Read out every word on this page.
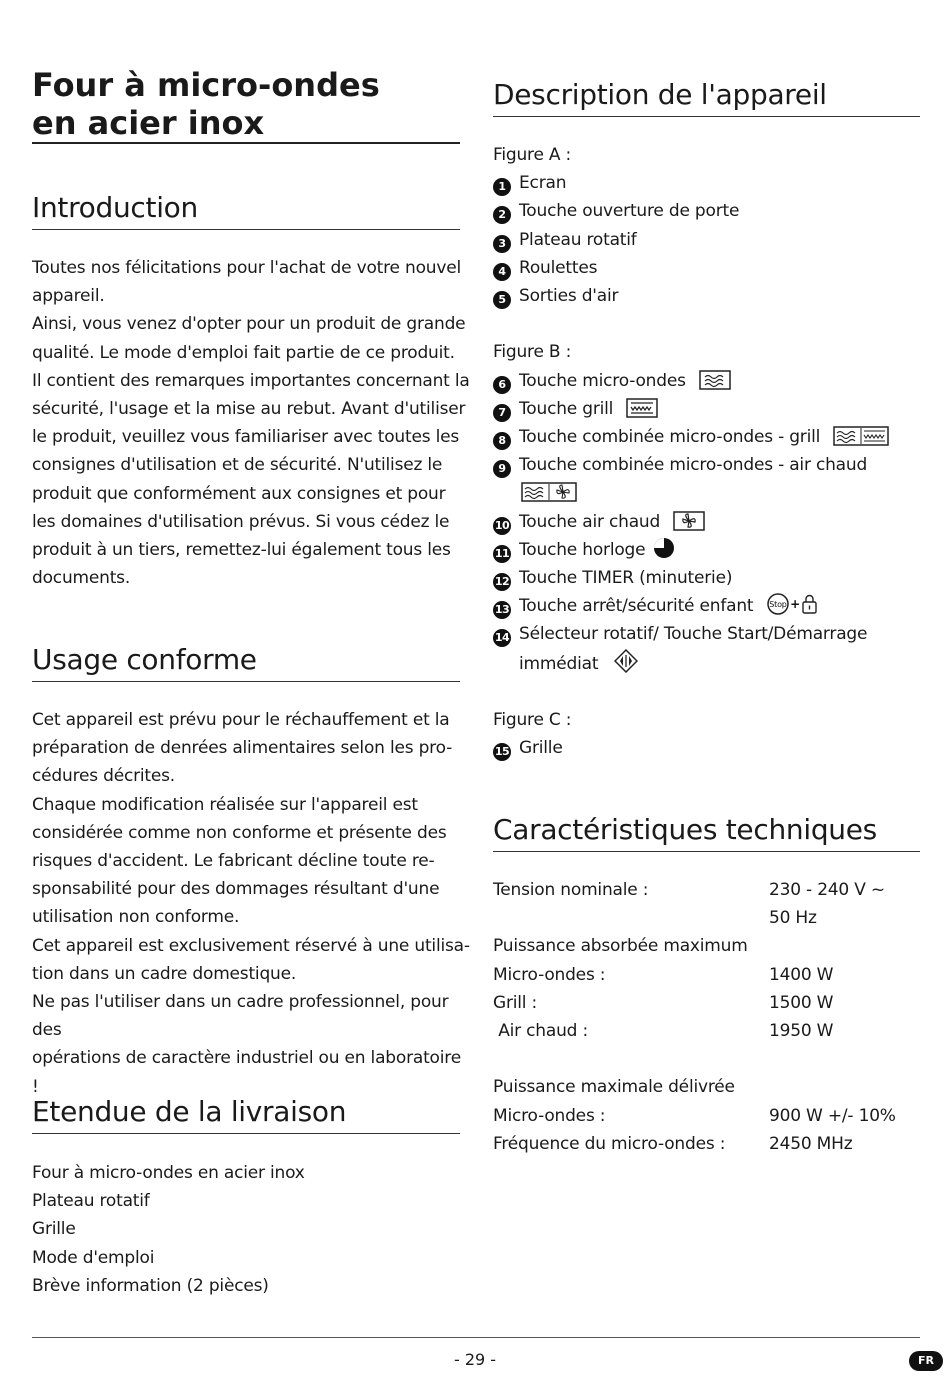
Four à micro-ondes
en acier inox
Introduction

Toutes nos félicitations pour l'achat de votre nouvel

appareil.

Ainsi, vous venez d'opter pour un produit de grande

qualité. Le mode d'emploi fait partie de ce produit.

Il contient des remarques importantes concernant la

sécurité, l'usage et la mise au rebut. Avant d'utiliser

le produit, veuillez vous familiariser avec toutes les

consignes d'utilisation et de sécurité. N'utilisez le

produit que conformément aux consignes et pour

les domaines d'utilisation prévus. Si vous cédez le

produit à un tiers, remettez-lui également tous les

documents.

Usage conforme

Cet appareil est prévu pour le réchauffement et la

préparation de denrées alimentaires selon les pro-

cédures décrites.

Chaque modification réalisée sur l'appareil est

considérée comme non conforme et présente des

risques d'accident. Le fabricant décline toute re-

sponsabilité pour des dommages résultant d'une

utilisation non conforme.

Cet appareil est exclusivement réservé à une utilisa-

tion dans un cadre domestique.

Ne pas l'utiliser dans un cadre professionnel, pour des

opérations de caractère industriel ou en laboratoire !

Etendue de la livraison

Four à micro-ondes en acier inox

Plateau rotatif

Grille

Mode d'emploi

Brève information (2 pièces)

Description de l'appareil

Figure A :

1 Ecran

2 Touche ouverture de porte

3 Plateau rotatif

4 Roulettes

5 Sorties d'air

Figure B :

6 Touche micro-ondes

7 Touche grill

8 Touche combinée micro-ondes - grill

9 Touche combinée micro-ondes - air chaud

10 Touche air chaud

11 Touche horloge

12 Touche TIMER (minuterie)

13 Touche arrêt/sécurité enfant Stop +

14 Sélecteur rotatif/ Touche Start/Démarrage

immédiat

Figure C :

15 Grille

Caractéristiques techniques
Tension nominale :	230 - 240 V ~
50 Hz
Puissance absorbée maximum
Micro-ondes :	1400 W
Grill :	1500 W
Air chaud :	1950 W
Puissance maximale délivrée
Micro-ondes :	900 W +/- 10%
Fréquence du micro-ondes :	2450 MHz
- 29 -	FR
